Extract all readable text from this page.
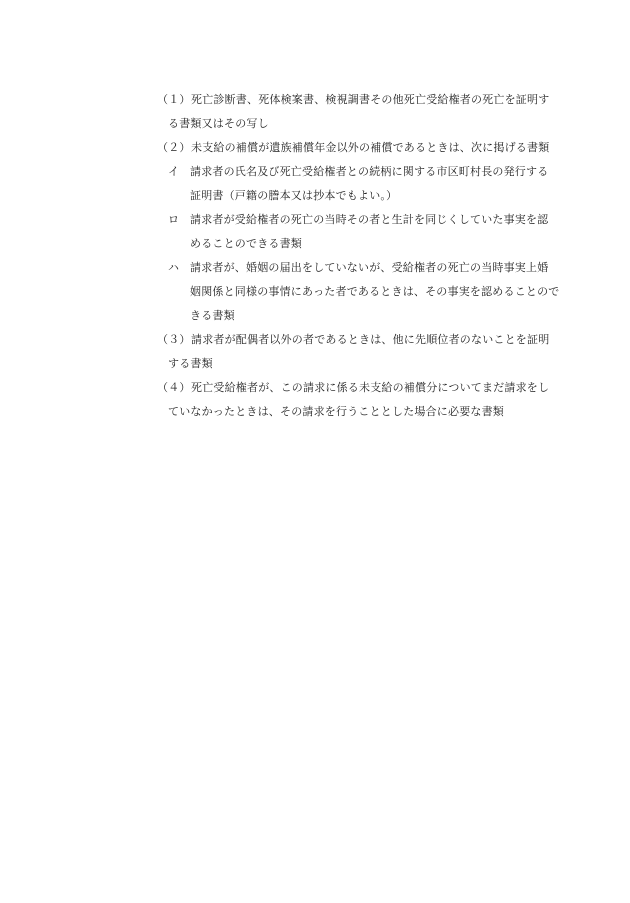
（１）死亡診断書、死体検案書、検視調書その他死亡受給権者の死亡を証明す
る書類又はその写し
（２）未支給の補償が遺族補償年金以外の補償であるときは、次に掲げる書類
イ 請求者の氏名及び死亡受給権者との続柄に関する市区町村長の発行する
証明書（戸籍の謄本又は抄本でもよい。）
ロ 請求者が受給権者の死亡の当時その者と生計を同じくしていた事実を認
めることのできる書類
ハ 請求者が、婚姻の届出をしていないが、受給権者の死亡の当時事実上婚
姻関係と同様の事情にあった者であるときは、その事実を認めることので
きる書類
（３）請求者が配偶者以外の者であるときは、他に先順位者のないことを証明
する書類
（４）死亡受給権者が、この請求に係る未支給の補償分についてまだ請求をし
ていなかったときは、その請求を行うこととした場合に必要な書類
